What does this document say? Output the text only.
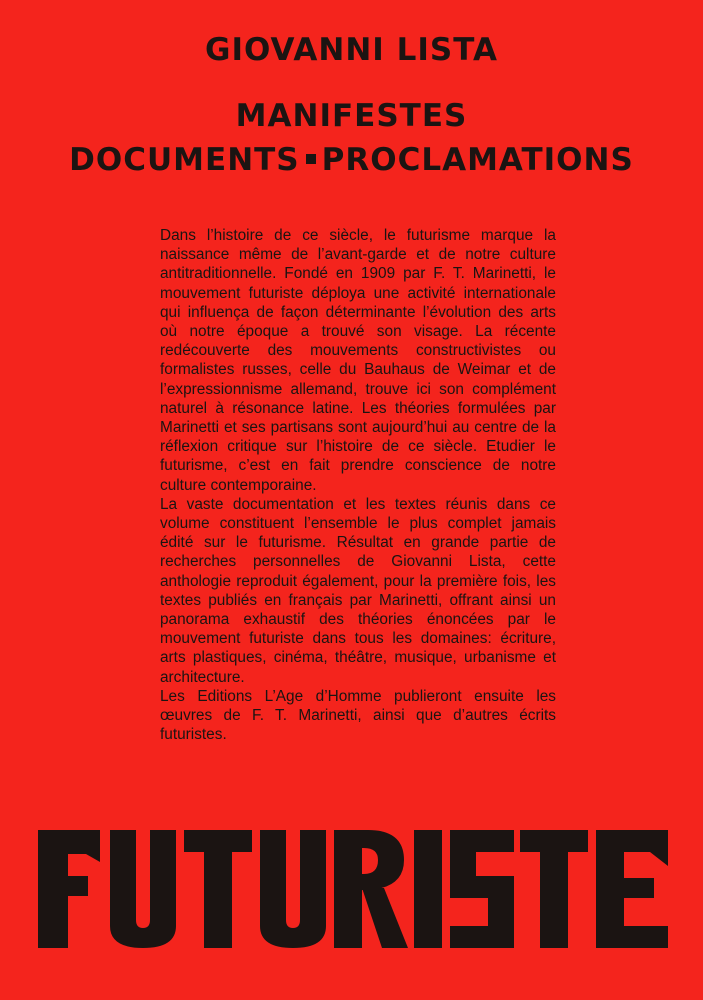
GIOVANNI LISTA
MANIFESTES
DOCUMENTS PROCLAMATIONS

Dans l’histoire de ce siècle, le futurisme marque la naissance même de l’avant-garde et de notre culture antitraditionnelle. Fondé en 1909 par F. T. Marinetti, le mouvement futuriste déploya une activité internationale qui influença de façon déterminante l’évolution des arts où notre époque a trouvé son visage. La récente redécouverte des mouvements constructivistes ou formalistes russes, celle du Bauhaus de Weimar et de l’expressionnisme allemand, trouve ici son complément naturel à résonance latine. Les théories formulées par Marinetti et ses partisans sont aujourd’hui au centre de la réflexion critique sur l’histoire de ce siècle. Etudier le futurisme, c’est en fait prendre conscience de notre culture contemporaine.

La vaste documentation et les textes réunis dans ce volume constituent l’ensemble le plus complet jamais édité sur le futurisme. Résultat en grande partie de recherches personnelles de Giovanni Lista, cette anthologie reproduit également, pour la première fois, les textes publiés en français par Marinetti, offrant ainsi un panorama exhaustif des théories énoncées par le mouvement futuriste dans tous les domaines: écriture, arts plastiques, cinéma, théâtre, musique, urbanisme et architecture.

Les Editions L’Age d’Homme publieront ensuite les œuvres de F. T. Marinetti, ainsi que d’autres écrits futuristes.
